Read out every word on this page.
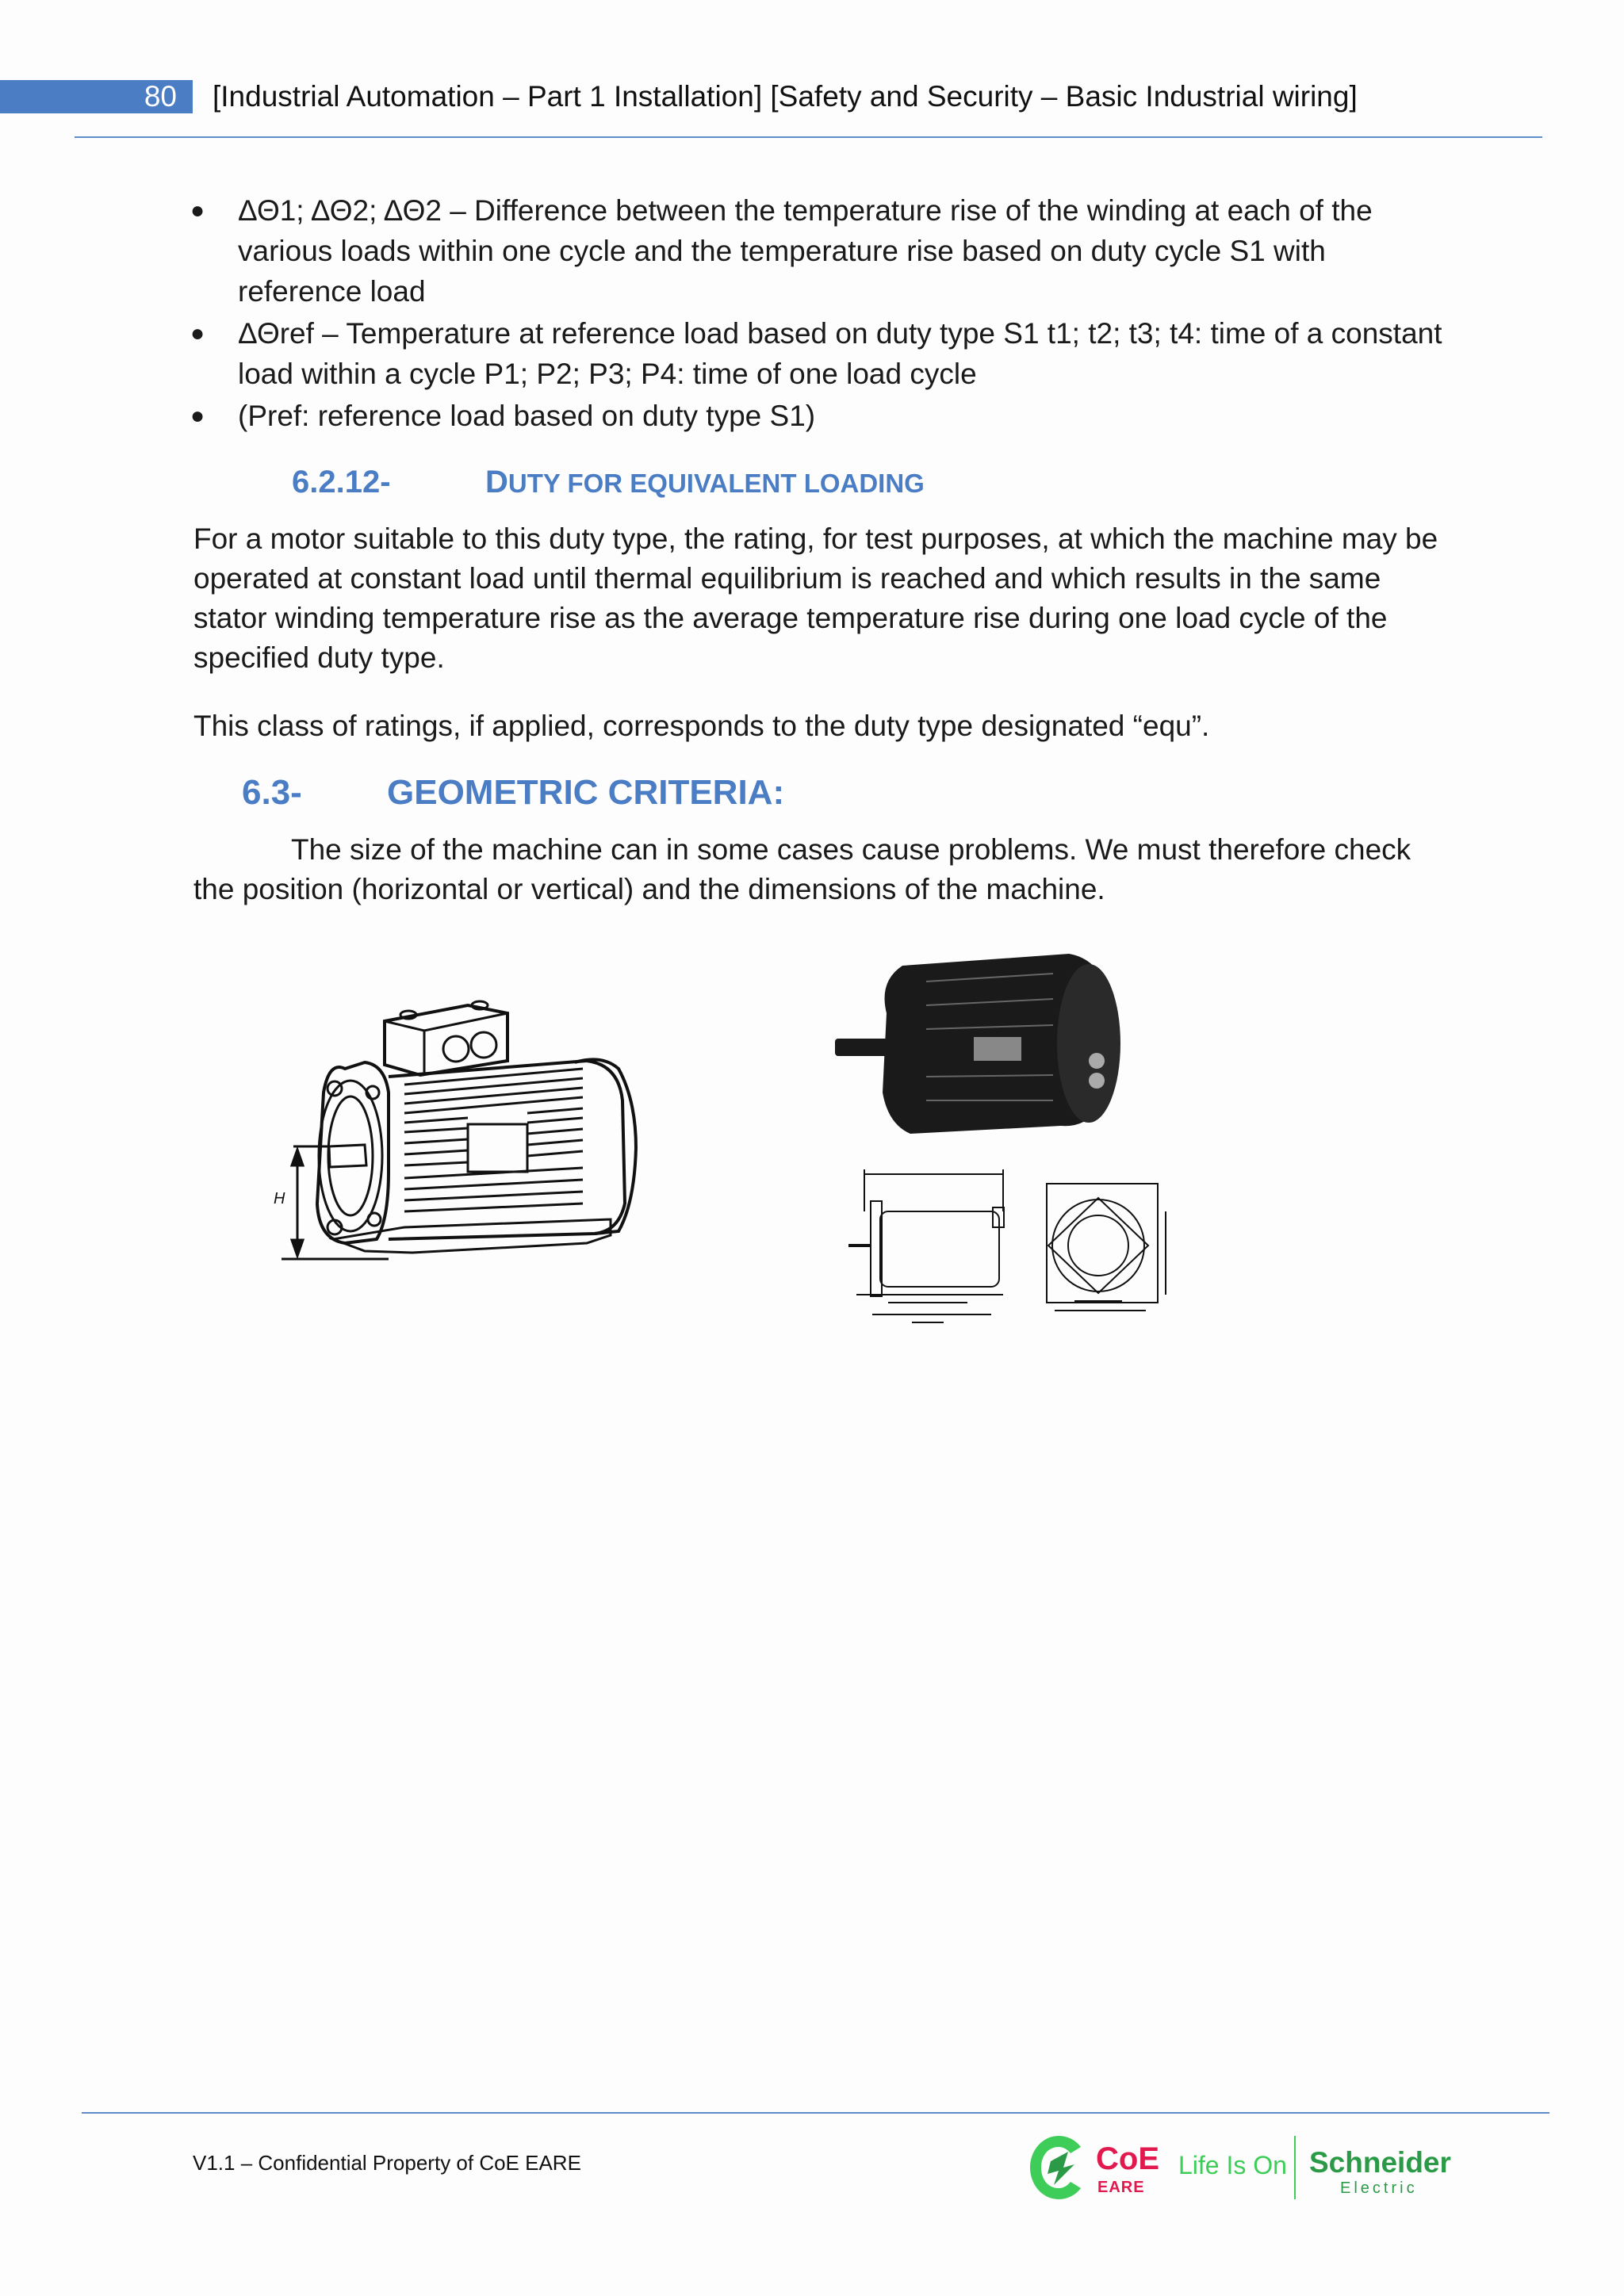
80	[Industrial Automation – Part 1 Installation] [Safety and Security – Basic Industrial wiring]
● ΔΘ1; ΔΘ2; ΔΘ2 – Difference between the temperature rise of the winding at each of the various loads within one cycle and the temperature rise based on duty cycle S1 with reference load
● ΔΘref – Temperature at reference load based on duty type S1 t1; t2; t3; t4: time of a constant load within a cycle P1; P2; P3; P4: time of one load cycle
● (Pref: reference load based on duty type S1)
6.2.12-	DUTY FOR EQUIVALENT LOADING

For a motor suitable to this duty type, the rating, for test purposes, at which the machine may be operated at constant load until thermal equilibrium is reached and which results in the same stator winding temperature rise as the average temperature rise during one load cycle of the specified duty type.

This class of ratings, if applied, corresponds to the duty type designated “equ”.

6.3- GEOMETRIC CRITERIA:

The size of the machine can in some cases cause problems. We must therefore check the position (horizontal or vertical) and the dimensions of the machine.

H
V1.1 – Confidential Property of CoE EARE	CoE
EARE
Life Is On Schneider
Electric
